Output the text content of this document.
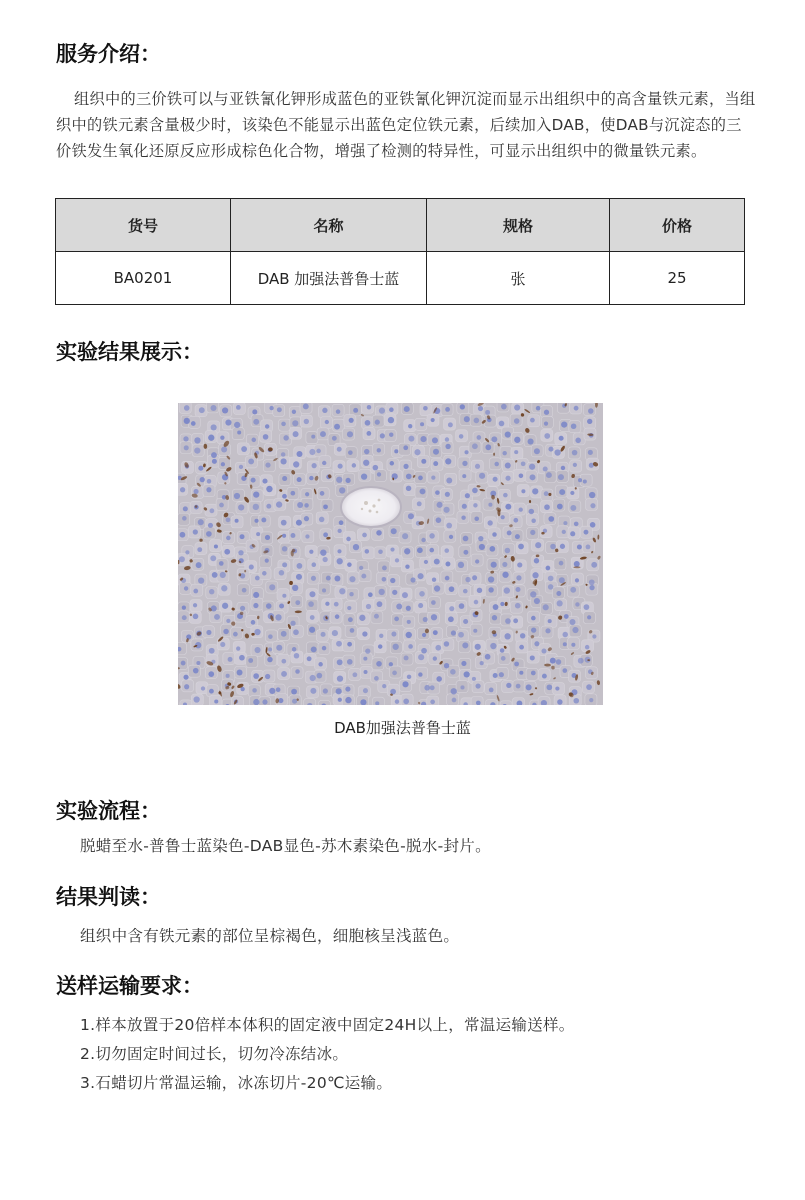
服务介绍：

组织中的三价铁可以与亚铁氰化钾形成蓝色的亚铁氰化钾沉淀而显示出组织中的高含量铁元素，当组织中的铁元素含量极少时，该染色不能显示出蓝色定位铁元素，后续加入DAB，使DAB与沉淀态的三价铁发生氧化还原反应形成棕色化合物，增强了检测的特异性，可显示出组织中的微量铁元素。

货号	名称	规格	价格
BA0201	DAB 加强法普鲁士蓝	张	25
实验结果展示：

DAB加强法普鲁士蓝

实验流程：

脱蜡至水-普鲁士蓝染色-DAB显色-苏木素染色-脱水-封片。

结果判读：

组织中含有铁元素的部位呈棕褐色，细胞核呈浅蓝色。

送样运输要求：

1.样本放置于20倍样本体积的固定液中固定24H以上，常温运输送样。

2.切勿固定时间过长，切勿冷冻结冰。

3.石蜡切片常温运输，冰冻切片-20℃运输。
